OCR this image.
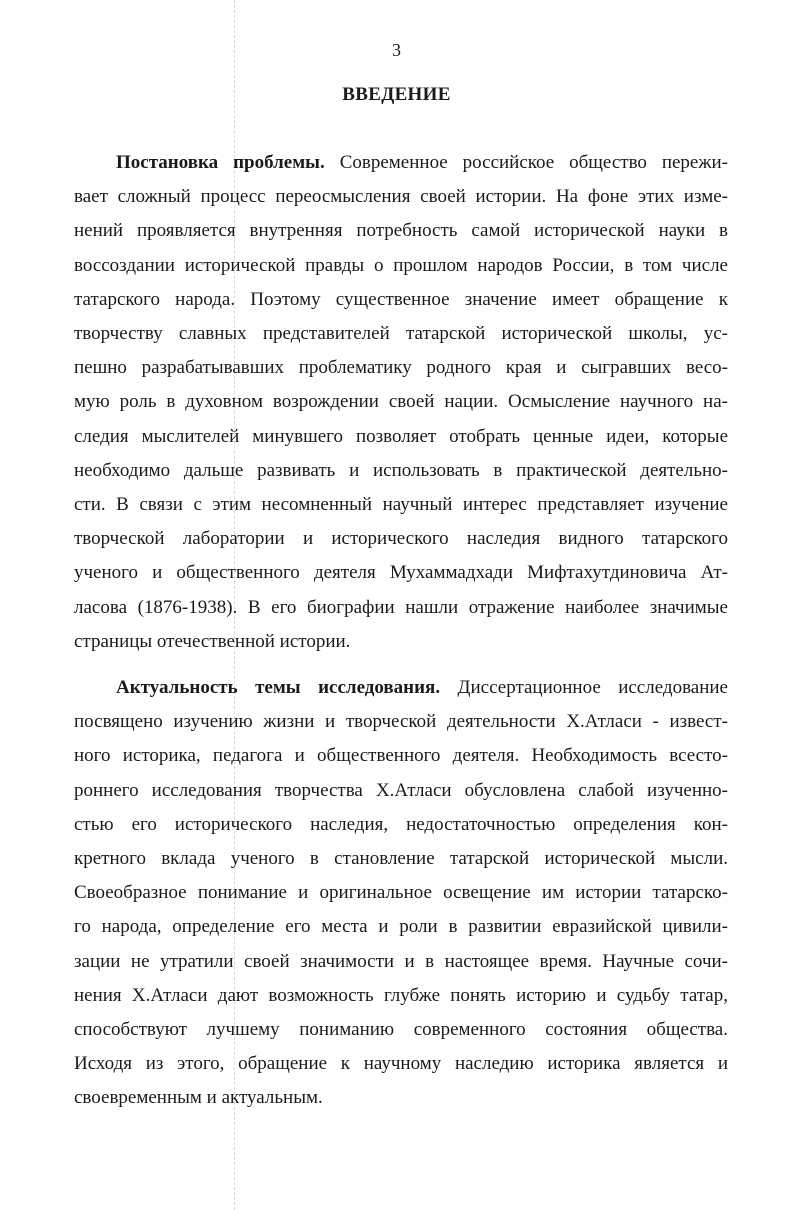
3
ВВЕДЕНИЕ
Постановка проблемы. Современное российское общество пережи-
вает сложный процесс переосмысления своей истории. На фоне этих изме-
нений проявляется внутренняя потребность самой исторической науки в
воссоздании исторической правды о прошлом народов России, в том числе
татарского народа. Поэтому существенное значение имеет обращение к
творчеству славных представителей татарской исторической школы, ус-
пешно разрабатывавших проблематику родного края и сыгравших весо-
мую роль в духовном возрождении своей нации. Осмысление научного на-
следия мыслителей минувшего позволяет отобрать ценные идеи, которые
необходимо дальше развивать и использовать в практической деятельно-
сти. В связи с этим несомненный научный интерес представляет изучение
творческой лаборатории и исторического наследия видного татарского
ученого и общественного деятеля Мухаммадхади Мифтахутдиновича Ат-
ласова (1876-1938). В его биографии нашли отражение наиболее значимые
страницы отечественной истории.
Актуальность темы исследования. Диссертационное исследование
посвящено изучению жизни и творческой деятельности Х.Атласи - извест-
ного историка, педагога и общественного деятеля. Необходимость всесто-
роннего исследования творчества Х.Атласи обусловлена слабой изученно-
стью его исторического наследия, недостаточностью определения кон-
кретного вклада ученого в становление татарской исторической мысли.
Своеобразное понимание и оригинальное освещение им истории татарско-
го народа, определение его места и роли в развитии евразийской цивили-
зации не утратили своей значимости и в настоящее время. Научные сочи-
нения Х.Атласи дают возможность глубже понять историю и судьбу татар,
способствуют лучшему пониманию современного состояния общества.
Исходя из этого, обращение к научному наследию историка является и
своевременным и актуальным.
